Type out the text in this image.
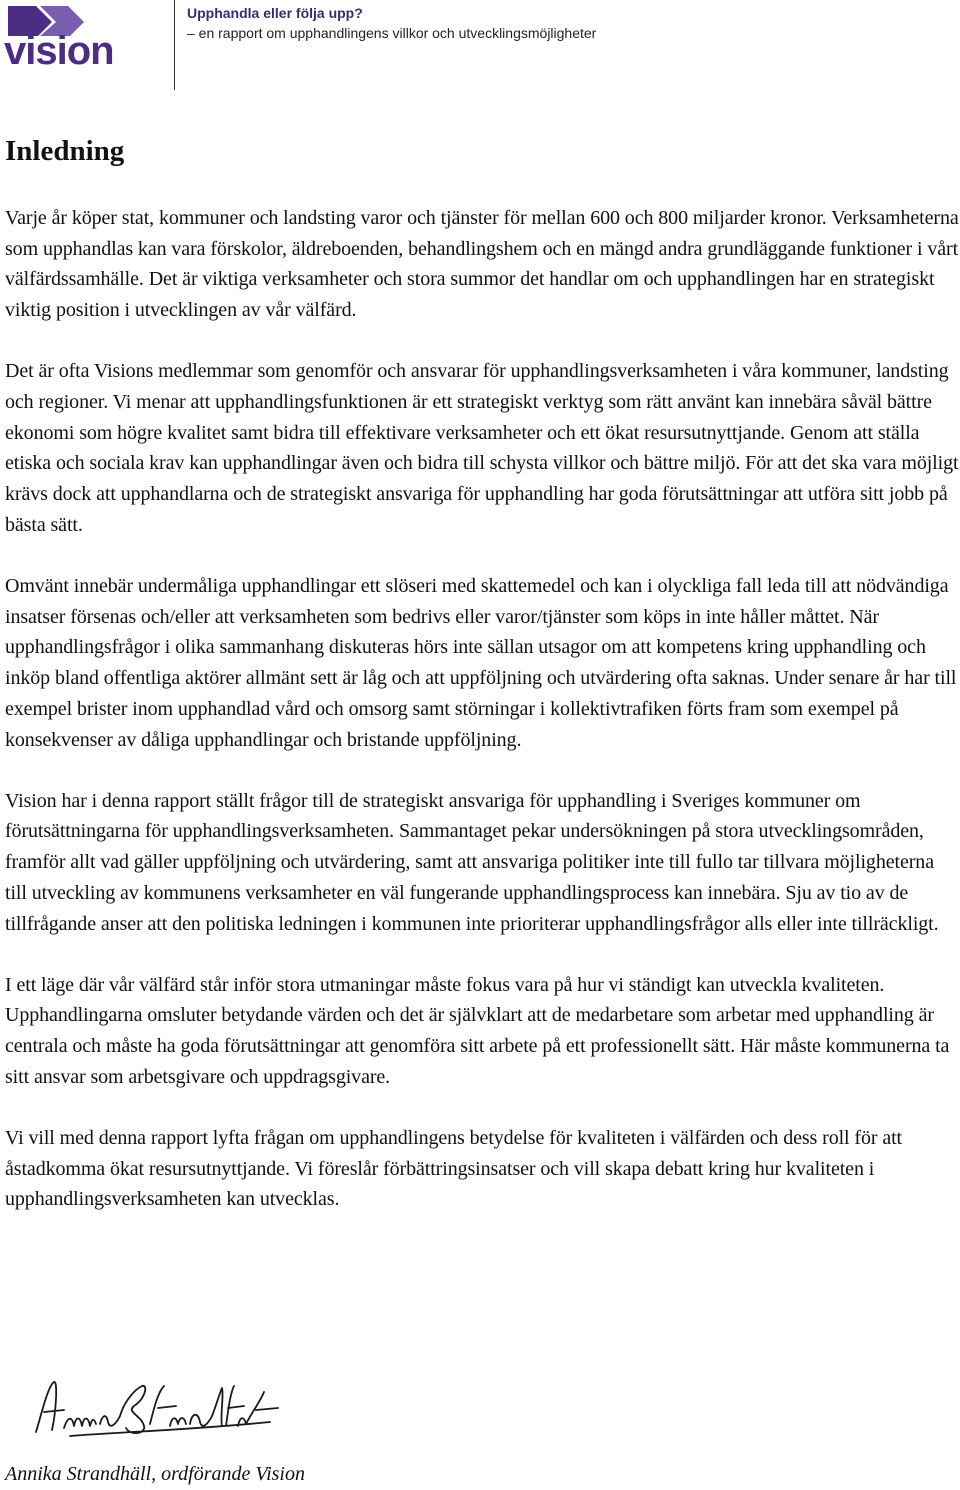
vision
Upphandla eller följa upp?
– en rapport om upphandlingens villkor och utvecklingsmöjligheter
Inledning

Varje år köper stat, kommuner och landsting varor och tjänster för mellan 600 och 800 miljarder kronor. Verksamheterna som upphandlas kan vara förskolor, äldreboenden, behandlingshem och en mängd andra grundläggande funktioner i vårt välfärdssamhälle. Det är viktiga verksamheter och stora summor det handlar om och upphandlingen har en strategiskt viktig position i utvecklingen av vår välfärd.

Det är ofta Visions medlemmar som genomför och ansvarar för upphandlingsverksamheten i våra kommuner, landsting och regioner. Vi menar att upphandlingsfunktionen är ett strategiskt verktyg som rätt använt kan innebära såväl bättre ekonomi som högre kvalitet samt bidra till effektivare verksamheter och ett ökat resursutnyttjande. Genom att ställa etiska och sociala krav kan upphandlingar även och bidra till schysta villkor och bättre miljö. För att det ska vara möjligt krävs dock att upphandlarna och de strategiskt ansvariga för upphandling har goda förutsättningar att utföra sitt jobb på bästa sätt.

Omvänt innebär undermåliga upphandlingar ett slöseri med skattemedel och kan i olyckliga fall leda till att nödvändiga insatser försenas och/eller att verksamheten som bedrivs eller varor/tjänster som köps in inte håller måttet. När upphandlingsfrågor i olika sammanhang diskuteras hörs inte sällan utsagor om att kompetens kring upphandling och inköp bland offentliga aktörer allmänt sett är låg och att uppföljning och utvärdering ofta saknas. Under senare år har till exempel brister inom upphandlad vård och omsorg samt störningar i kollektivtrafiken förts fram som exempel på konsekvenser av dåliga upphandlingar och bristande uppföljning.

Vision har i denna rapport ställt frågor till de strategiskt ansvariga för upphandling i Sveriges kommuner om förutsättningarna för upphandlingsverksamheten. Sammantaget pekar undersökningen på stora utvecklingsområden, framför allt vad gäller uppföljning och utvärdering, samt att ansvariga politiker inte till fullo tar tillvara möjligheterna till utveckling av kommunens verksamheter en väl fungerande upphandlingsprocess kan innebära. Sju av tio av de tillfrågande anser att den politiska ledningen i kommunen inte prioriterar upphandlingsfrågor alls eller inte tillräckligt.

I ett läge där vår välfärd står inför stora utmaningar måste fokus vara på hur vi ständigt kan utveckla kvaliteten. Upphandlingarna omsluter betydande värden och det är självklart att de medarbetare som arbetar med upphandling är centrala och måste ha goda förutsättningar att genomföra sitt arbete på ett professionellt sätt. Här måste kommunerna ta sitt ansvar som arbetsgivare och uppdragsgivare.

Vi vill med denna rapport lyfta frågan om upphandlingens betydelse för kvaliteten i välfärden och dess roll för att åstadkomma ökat resursutnyttjande. Vi föreslår förbättringsinsatser och vill skapa debatt kring hur kvaliteten i upphandlingsverksamheten kan utvecklas.

Annika Strandhäll, ordförande Vision
